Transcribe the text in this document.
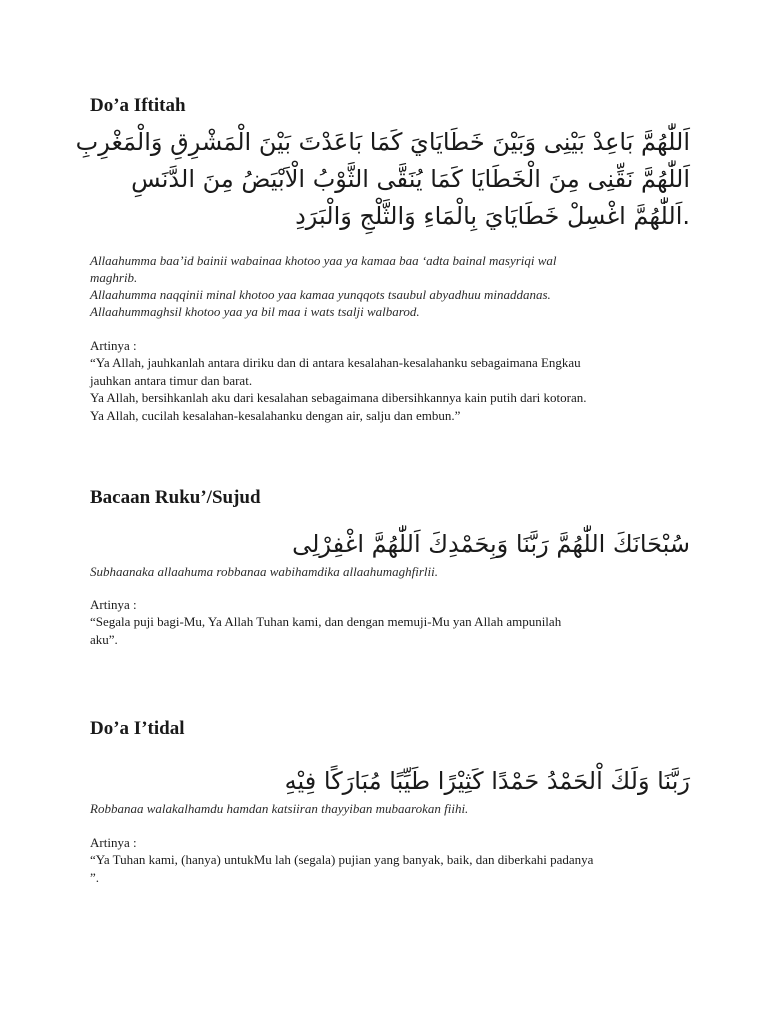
Do’a Iftitah

اَللّٰهُمَّ بَاعِدْ بَيْنِى وَبَيْنَ خَطَايَايَ كَمَا بَاعَدْتَ بَيْنَ الْمَشْرِقِ وَالْمَغْرِبِ
اَللّٰهُمَّ نَقِّنِى مِنَ الْخَطَايَا كَمَا يُنَقَّى الثَّوْبُ الْاَبْيَضُ مِنَ الدَّنَسِ
.اَللّٰهُمَّ اغْسِلْ خَطَايَايَ بِالْمَاءِ وَالثَّلْجِ وَالْبَرَدِ

Allaahumma baa’id bainii wabainaa khotoo yaa ya kamaa baa ‘adta bainal masyriqi wal
maghrib.
Allaahumma naqqinii minal khotoo yaa kamaa yunqqots tsaubul abyadhuu minaddanas.
Allaahummaghsil khotoo yaa ya bil maa i wats tsalji walbarod.

Artinya :

“Ya Allah, jauhkanlah antara diriku dan di antara kesalahan-kesalahanku sebagaimana Engkau
jauhkan antara timur dan barat.
Ya Allah, bersihkanlah aku dari kesalahan sebagaimana dibersihkannya kain putih dari kotoran.
Ya Allah, cucilah kesalahan-kesalahanku dengan air, salju dan embun.”

Bacaan Ruku’/Sujud

سُبْحَانَكَ اللّٰهُمَّ رَبَّنَا وَبِحَمْدِكَ اَللّٰهُمَّ اغْفِرْلِى

Subhaanaka allaahuma robbanaa wabihamdika allaahumaghfirlii.

Artinya :

“Segala puji bagi-Mu, Ya Allah Tuhan kami, dan dengan memuji-Mu yan Allah ampunilah
aku”.

Do’a I’tidal

رَبَّنَا وَلَكَ اْلحَمْدُ حَمْدًا كَثِيْرًا طَيِّبًا مُبَارَكًا فِيْهِ

Robbanaa walakalhamdu hamdan katsiiran thayyiban mubaarokan fiihi.

Artinya :

“Ya Tuhan kami, (hanya) untukMu lah (segala) pujian yang banyak, baik, dan diberkahi padanya
”.
